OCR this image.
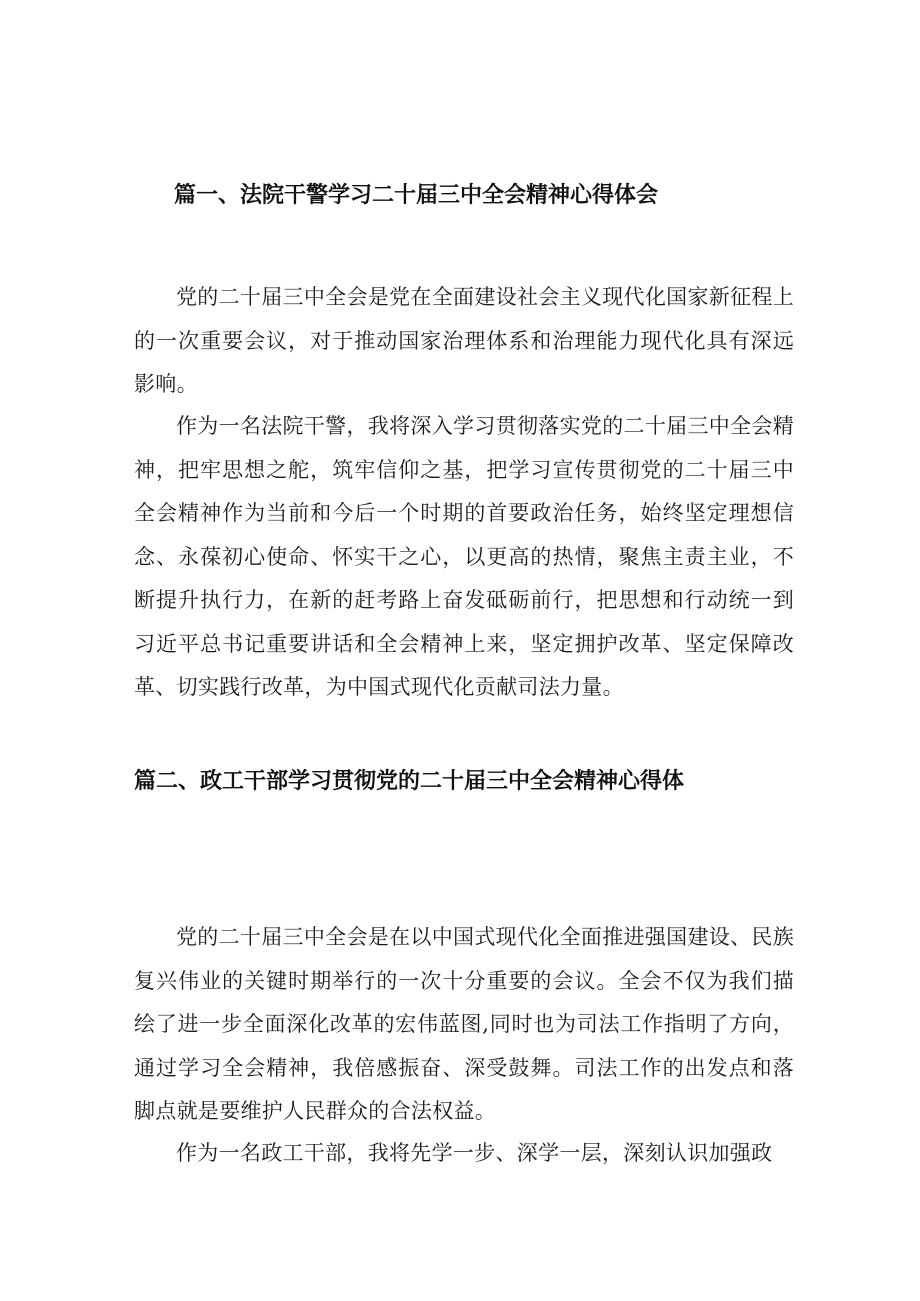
篇一、法院干警学习二十届三中全会精神心得体会

党的二十届三中全会是党在全面建设社会主义现代化国家新征程上的一次重要会议，对于推动国家治理体系和治理能力现代化具有深远影响。

作为一名法院干警，我将深入学习贯彻落实党的二十届三中全会精神，把牢思想之舵，筑牢信仰之基，把学习宣传贯彻党的二十届三中全会精神作为当前和今后一个时期的首要政治任务，始终坚定理想信念、永葆初心使命、怀实干之心，以更高的热情，聚焦主责主业，不断提升执行力，在新的赶考路上奋发砥砺前行，把思想和行动统一到习近平总书记重要讲话和全会精神上来，坚定拥护改革、坚定保障改革、切实践行改革，为中国式现代化贡献司法力量。

篇二、政工干部学习贯彻党的二十届三中全会精神心得体

党的二十届三中全会是在以中国式现代化全面推进强国建设、民族复兴伟业的关键时期举行的一次十分重要的会议。全会不仅为我们描绘了进一步全面深化改革的宏伟蓝图,同时也为司法工作指明了方向，通过学习全会精神，我倍感振奋、深受鼓舞。司法工作的出发点和落脚点就是要维护人民群众的合法权益。

作为一名政工干部，我将先学一步、深学一层，深刻认识加强政
